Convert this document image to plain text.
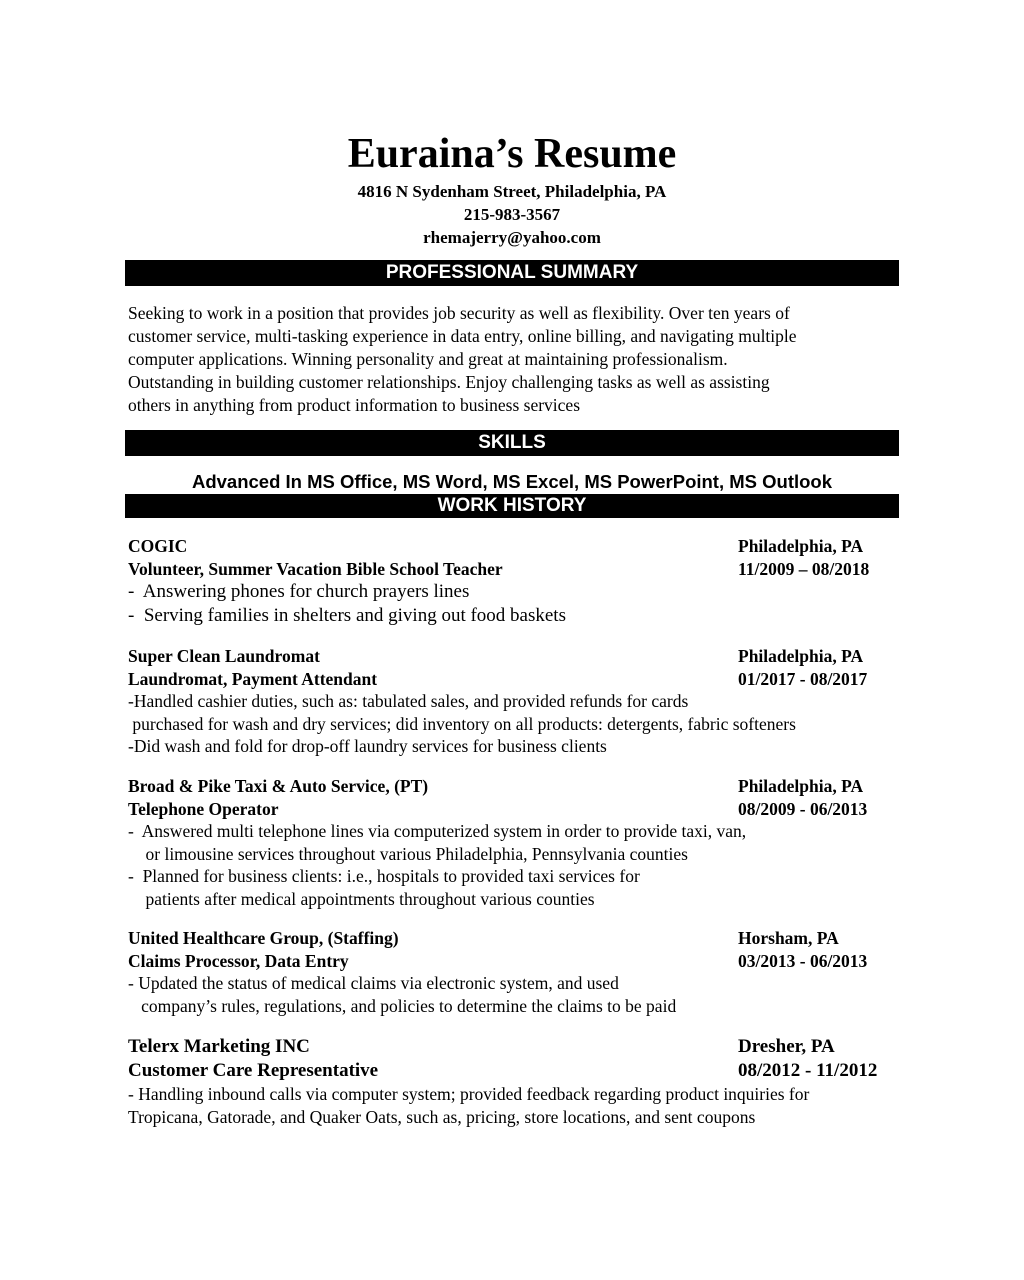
Euraina’s Resume
4816 N Sydenham Street, Philadelphia, PA
215-983-3567
rhemajerry@yahoo.com
PROFESSIONAL SUMMARY
Seeking to work in a position that provides job security as well as flexibility. Over ten years of
customer service, multi-tasking experience in data entry, online billing, and navigating multiple
computer applications. Winning personality and great at maintaining professionalism.
Outstanding in building customer relationships. Enjoy challenging tasks as well as assisting
others in anything from product information to business services
SKILLS
Advanced In MS Office, MS Word, MS Excel, MS PowerPoint, MS Outlook
WORK HISTORY
COGIC	Philadelphia, PA
Volunteer, Summer Vacation Bible School Teacher	11/2009 – 08/2018
-  Answering phones for church prayers lines
-  Serving families in shelters and giving out food baskets
Super Clean Laundromat	Philadelphia, PA
Laundromat, Payment Attendant	01/2017 - 08/2017
-Handled cashier duties, such as: tabulated sales, and provided refunds for cards
purchased for wash and dry services; did inventory on all products: detergents, fabric softeners
-Did wash and fold for drop-off laundry services for business clients
Broad & Pike Taxi & Auto Service, (PT)	Philadelphia, PA
Telephone Operator	08/2009 - 06/2013
-  Answered multi telephone lines via computerized system in order to provide taxi, van,
or limousine services throughout various Philadelphia, Pennsylvania counties
-  Planned for business clients: i.e., hospitals to provided taxi services for
patients after medical appointments throughout various counties
United Healthcare Group, (Staffing)	Horsham, PA
Claims Processor, Data Entry	03/2013 - 06/2013
- Updated the status of medical claims via electronic system, and used
company’s rules, regulations, and policies to determine the claims to be paid
Telerx Marketing INC	Dresher, PA
Customer Care Representative	08/2012 - 11/2012
- Handling inbound calls via computer system; provided feedback regarding product inquiries for
Tropicana, Gatorade, and Quaker Oats, such as, pricing, store locations, and sent coupons
